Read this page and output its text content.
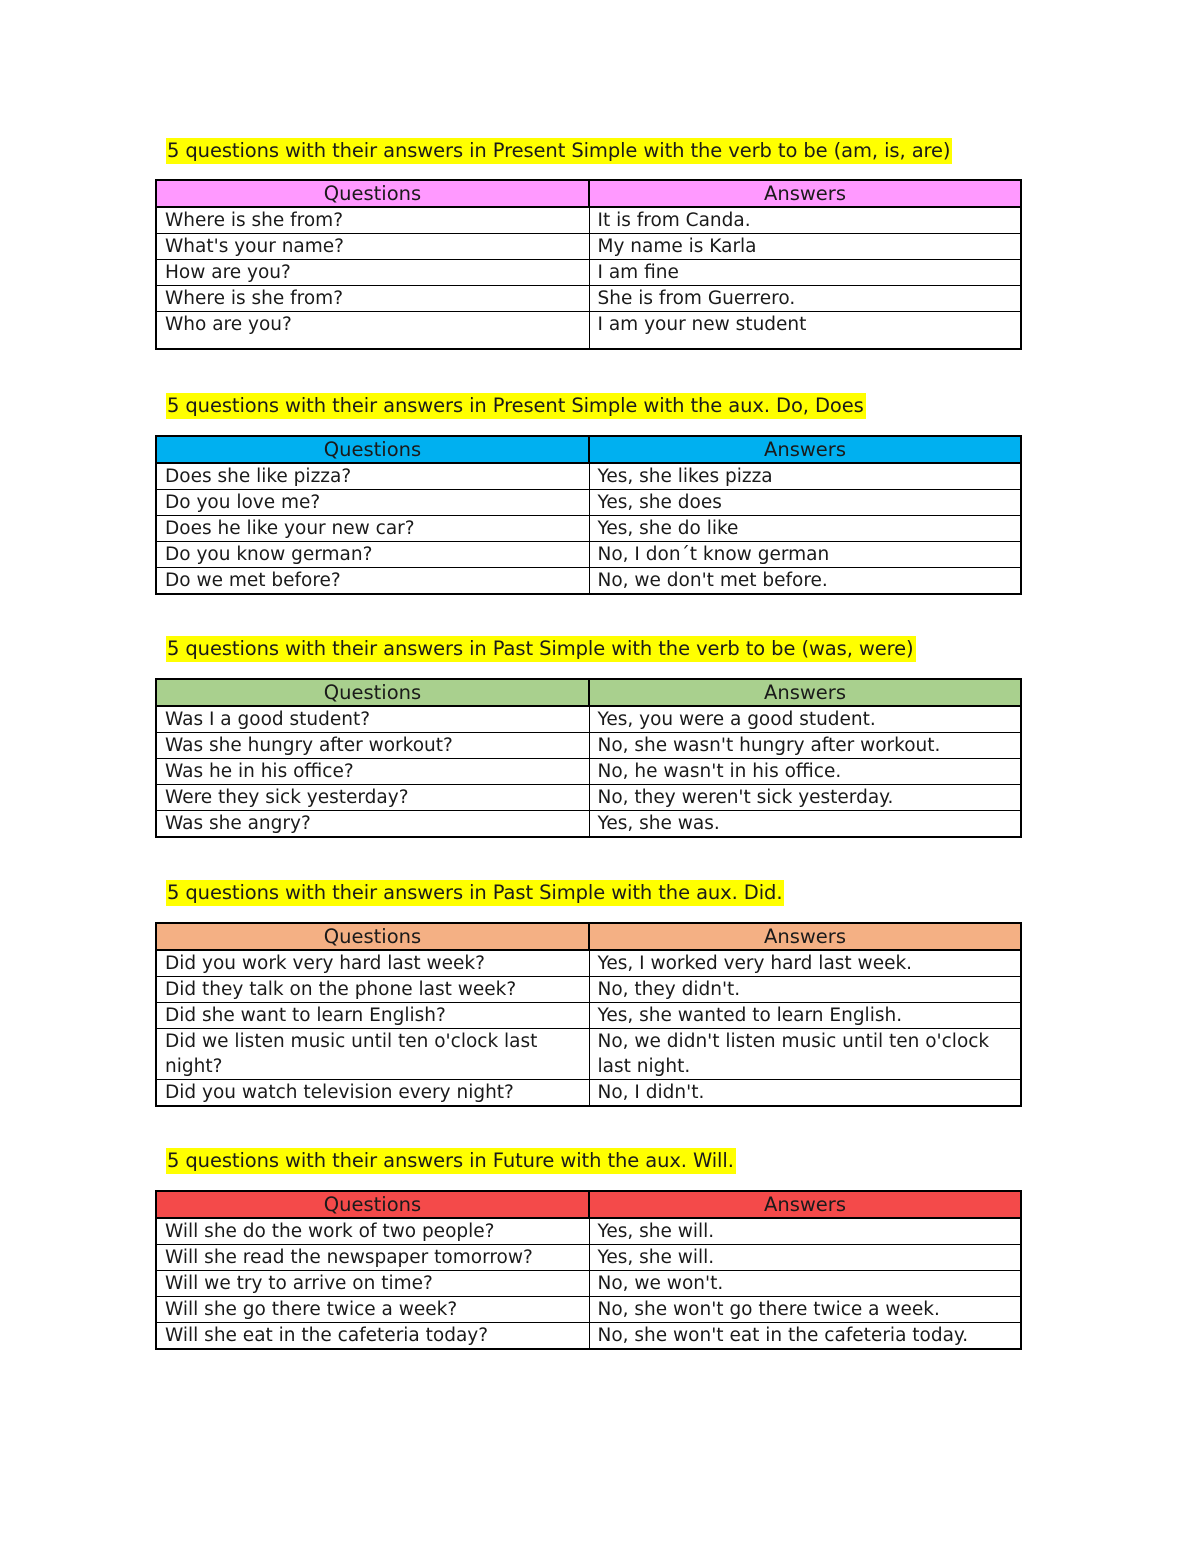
5 questions with their answers in Present Simple with the verb to be (am, is, are)
Questions	Answers
Where is she from?	It is from Canda.
What's your name?	My name is Karla
How are you?	I am fine
Where is she from?	She is from Guerrero.
Who are you?	I am your new student
5 questions with their answers in Present Simple with the aux. Do, Does
Questions	Answers
Does she like pizza?	Yes, she likes pizza
Do you love me?	Yes, she does
Does he like your new car?	Yes, she do like
Do you know german?	No, I don´t know german
Do we met before?	No, we don't met before.
5 questions with their answers in Past Simple with the verb to be (was, were)
Questions	Answers
Was I a good student?	Yes, you were a good student.
Was she hungry after workout?	No, she wasn't hungry after workout.
Was he in his office?	No, he wasn't in his office.
Were they sick yesterday?	No, they weren't sick yesterday.
Was she angry?	Yes, she was.
5 questions with their answers in Past Simple with the aux. Did.
Questions	Answers
Did you work very hard last week?	Yes, I worked very hard last week.
Did they talk on the phone last week?	No, they didn't.
Did she want to learn English?	Yes, she wanted to learn English.
Did we listen music until ten o'clock last night?	No, we didn't listen music until ten o'clock last night.
Did you watch television every night?	No, I didn't.
5 questions with their answers in Future with the aux. Will.
Questions	Answers
Will she do the work of two people?	Yes, she will.
Will she read the newspaper tomorrow?	Yes, she will.
Will we try to arrive on time?	No, we won't.
Will she go there twice a week?	No, she won't go there twice a week.
Will she eat in the cafeteria today?	No, she won't eat in the cafeteria today.
